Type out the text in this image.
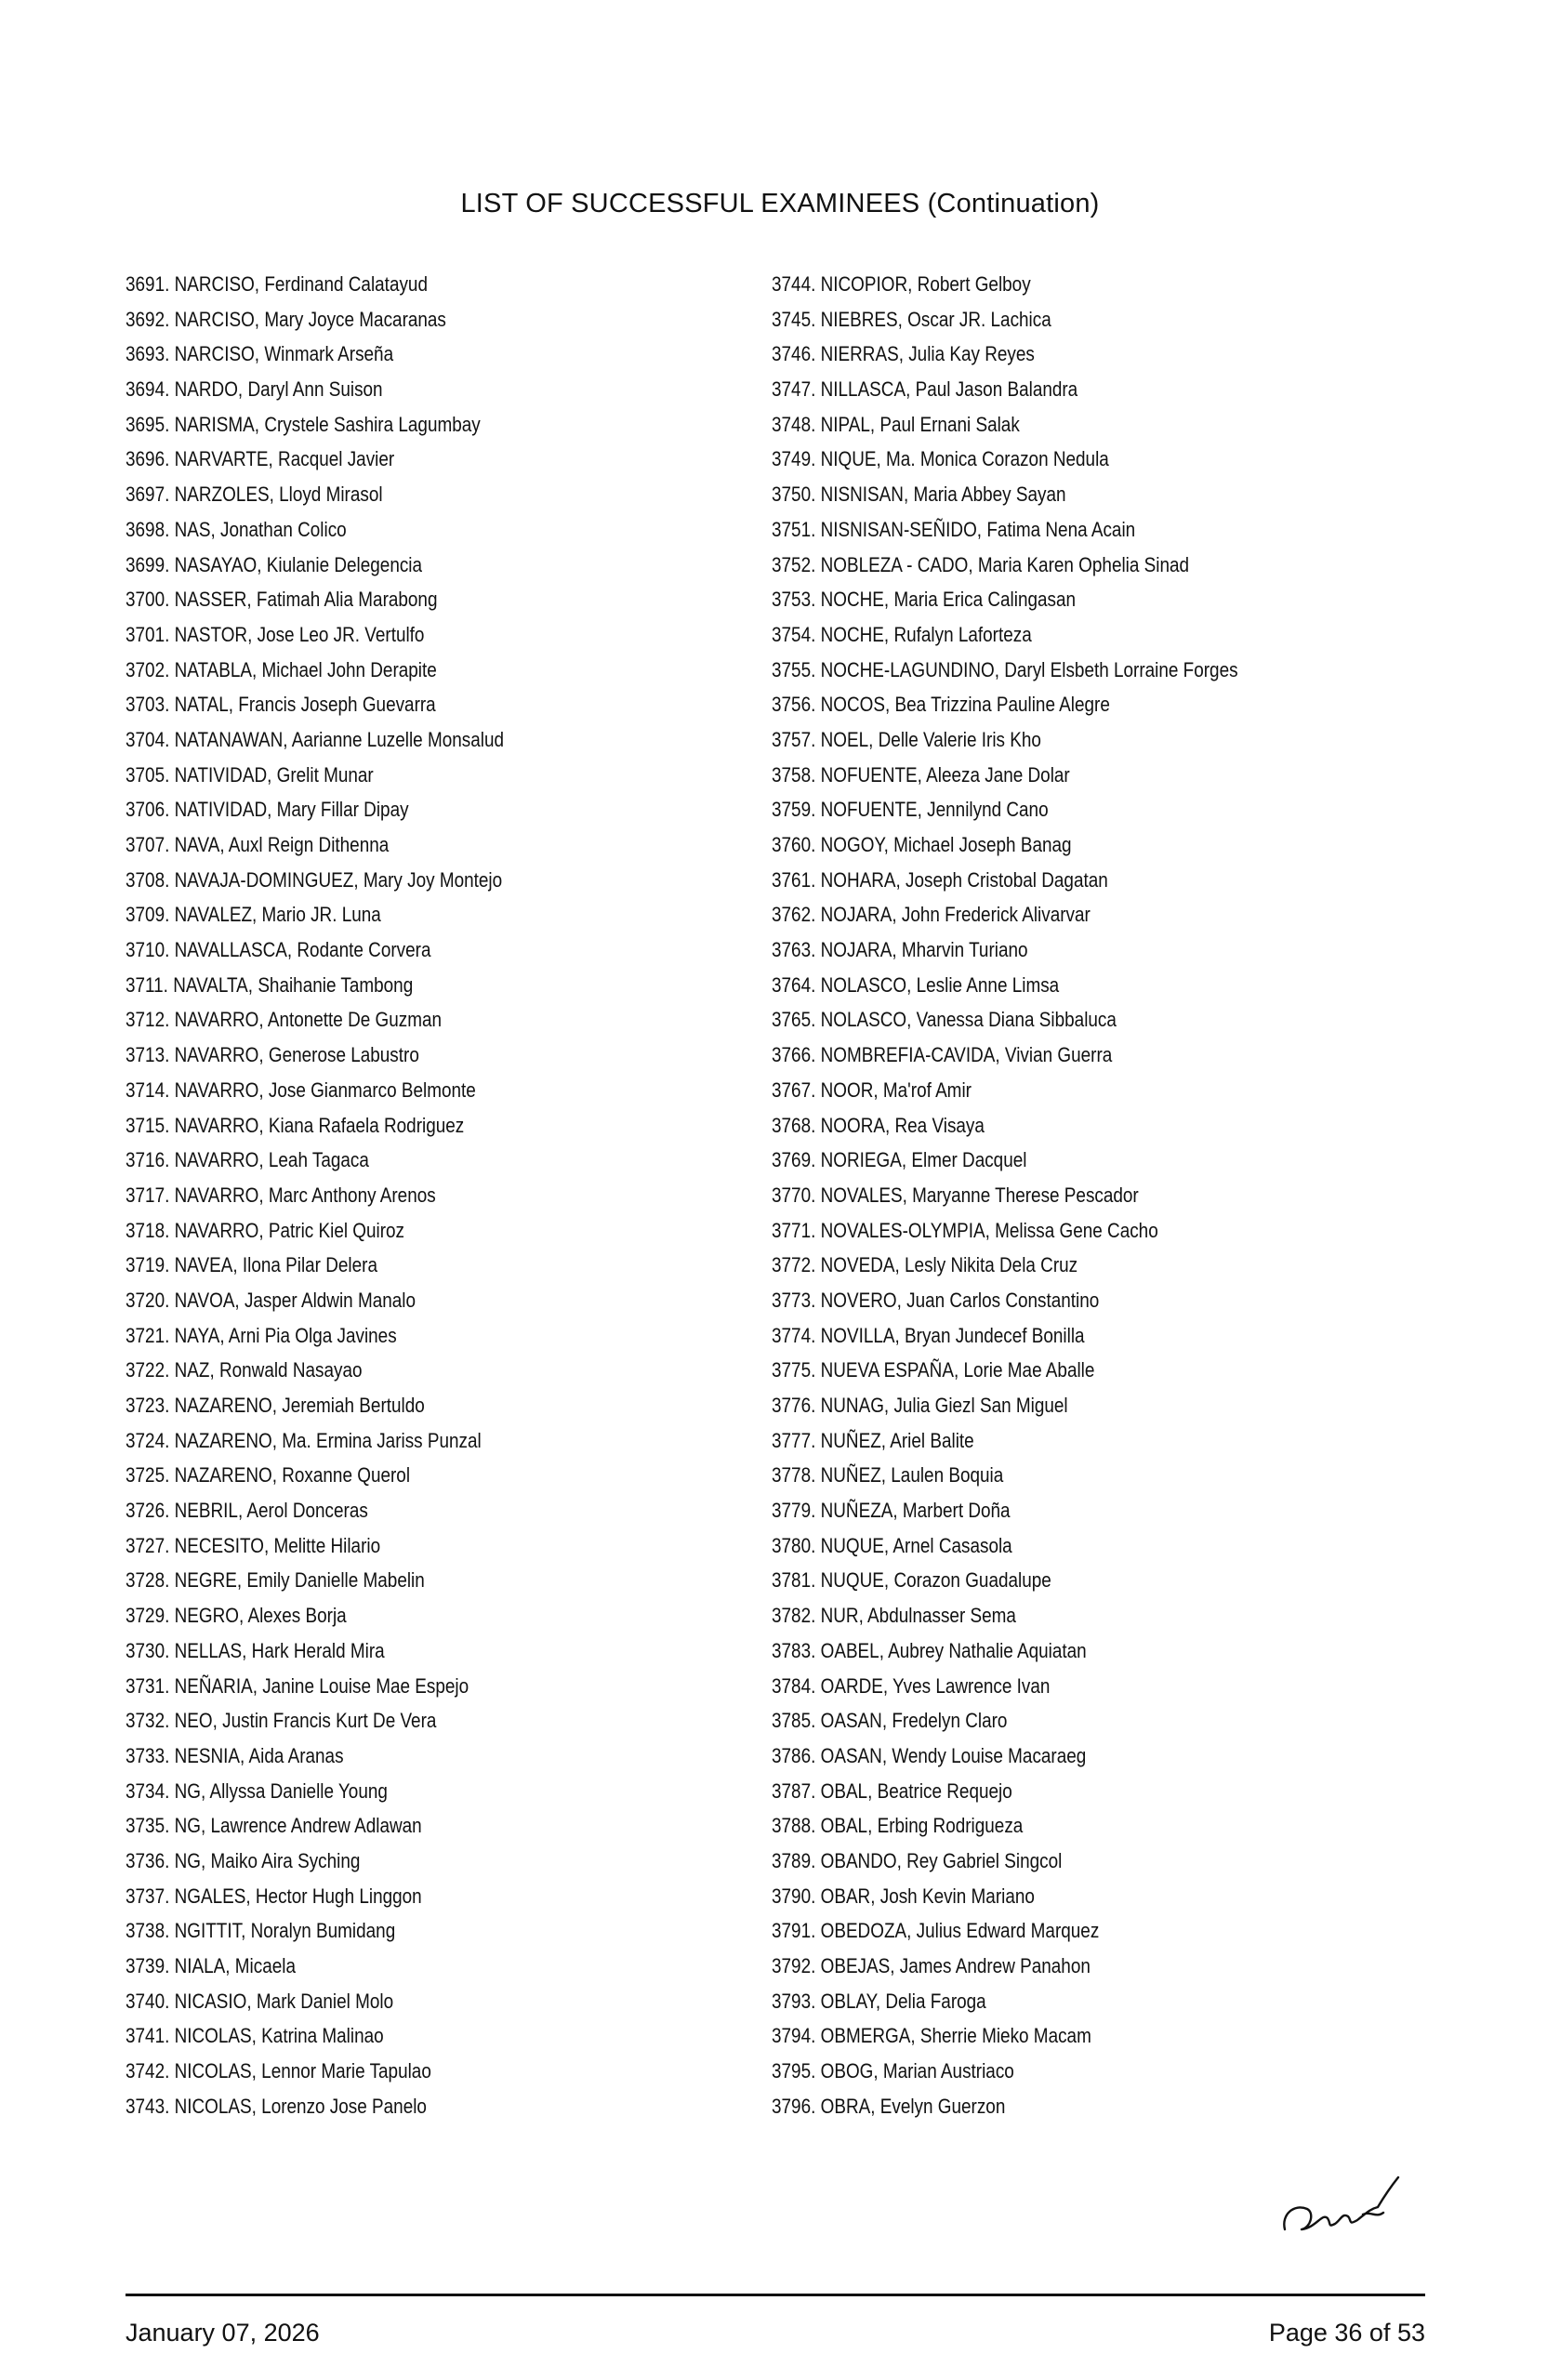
LIST OF SUCCESSFUL EXAMINEES (Continuation)
3691. NARCISO, Ferdinand Calatayud
3692. NARCISO, Mary Joyce Macaranas
3693. NARCISO, Winmark Arseña
3694. NARDO, Daryl Ann Suison
3695. NARISMA, Crystele Sashira Lagumbay
3696. NARVARTE, Racquel Javier
3697. NARZOLES, Lloyd Mirasol
3698. NAS, Jonathan Colico
3699. NASAYAO, Kiulanie Delegencia
3700. NASSER, Fatimah Alia Marabong
3701. NASTOR, Jose Leo JR. Vertulfo
3702. NATABLA, Michael John Derapite
3703. NATAL, Francis Joseph Guevarra
3704. NATANAWAN, Aarianne Luzelle Monsalud
3705. NATIVIDAD, Grelit Munar
3706. NATIVIDAD, Mary Fillar Dipay
3707. NAVA, Auxl Reign Dithenna
3708. NAVAJA-DOMINGUEZ, Mary Joy Montejo
3709. NAVALEZ, Mario JR. Luna
3710. NAVALLASCA, Rodante Corvera
3711. NAVALTA, Shaihanie Tambong
3712. NAVARRO, Antonette De Guzman
3713. NAVARRO, Generose Labustro
3714. NAVARRO, Jose Gianmarco Belmonte
3715. NAVARRO, Kiana Rafaela Rodriguez
3716. NAVARRO, Leah Tagaca
3717. NAVARRO, Marc Anthony Arenos
3718. NAVARRO, Patric Kiel Quiroz
3719. NAVEA, Ilona Pilar Delera
3720. NAVOA, Jasper Aldwin Manalo
3721. NAYA, Arni Pia Olga Javines
3722. NAZ, Ronwald Nasayao
3723. NAZARENO, Jeremiah Bertuldo
3724. NAZARENO, Ma. Ermina Jariss Punzal
3725. NAZARENO, Roxanne Querol
3726. NEBRIL, Aerol Donceras
3727. NECESITO, Melitte Hilario
3728. NEGRE, Emily Danielle Mabelin
3729. NEGRO, Alexes Borja
3730. NELLAS, Hark Herald Mira
3731. NEÑARIA, Janine Louise Mae Espejo
3732. NEO, Justin Francis Kurt De Vera
3733. NESNIA, Aida Aranas
3734. NG, Allyssa Danielle Young
3735. NG, Lawrence Andrew Adlawan
3736. NG, Maiko Aira Syching
3737. NGALES, Hector Hugh Linggon
3738. NGITTIT, Noralyn Bumidang
3739. NIALA, Micaela
3740. NICASIO, Mark Daniel Molo
3741. NICOLAS, Katrina Malinao
3742. NICOLAS, Lennor Marie Tapulao
3743. NICOLAS, Lorenzo Jose Panelo
3744. NICOPIOR, Robert Gelboy
3745. NIEBRES, Oscar JR. Lachica
3746. NIERRAS, Julia Kay Reyes
3747. NILLASCA, Paul Jason Balandra
3748. NIPAL, Paul Ernani Salak
3749. NIQUE, Ma. Monica Corazon Nedula
3750. NISNISAN, Maria Abbey Sayan
3751. NISNISAN-SEÑIDO, Fatima Nena Acain
3752. NOBLEZA - CADO, Maria Karen Ophelia Sinad
3753. NOCHE, Maria Erica Calingasan
3754. NOCHE, Rufalyn Laforteza
3755. NOCHE-LAGUNDINO, Daryl Elsbeth Lorraine Forges
3756. NOCOS, Bea Trizzina Pauline Alegre
3757. NOEL, Delle Valerie Iris Kho
3758. NOFUENTE, Aleeza Jane Dolar
3759. NOFUENTE, Jennilynd Cano
3760. NOGOY, Michael Joseph Banag
3761. NOHARA, Joseph Cristobal Dagatan
3762. NOJARA, John Frederick Alivarvar
3763. NOJARA, Mharvin Turiano
3764. NOLASCO, Leslie Anne Limsa
3765. NOLASCO, Vanessa Diana Sibbaluca
3766. NOMBREFIA-CAVIDA, Vivian Guerra
3767. NOOR, Ma'rof Amir
3768. NOORA, Rea Visaya
3769. NORIEGA, Elmer Dacquel
3770. NOVALES, Maryanne Therese Pescador
3771. NOVALES-OLYMPIA, Melissa Gene Cacho
3772. NOVEDA, Lesly Nikita Dela Cruz
3773. NOVERO, Juan Carlos Constantino
3774. NOVILLA, Bryan Jundecef Bonilla
3775. NUEVA ESPAÑA, Lorie Mae Aballe
3776. NUNAG, Julia Giezl San Miguel
3777. NUÑEZ, Ariel Balite
3778. NUÑEZ, Laulen Boquia
3779. NUÑEZA, Marbert Doña
3780. NUQUE, Arnel Casasola
3781. NUQUE, Corazon Guadalupe
3782. NUR, Abdulnasser Sema
3783. OABEL, Aubrey Nathalie Aquiatan
3784. OARDE, Yves Lawrence Ivan
3785. OASAN, Fredelyn Claro
3786. OASAN, Wendy Louise Macaraeg
3787. OBAL, Beatrice Requejo
3788. OBAL, Erbing Rodrigueza
3789. OBANDO, Rey Gabriel Singcol
3790. OBAR, Josh Kevin Mariano
3791. OBEDOZA, Julius Edward Marquez
3792. OBEJAS, James Andrew Panahon
3793. OBLAY, Delia Faroga
3794. OBMERGA, Sherrie Mieko Macam
3795. OBOG, Marian Austriaco
3796. OBRA, Evelyn Guerzon
January 07, 2026	Page 36 of 53
